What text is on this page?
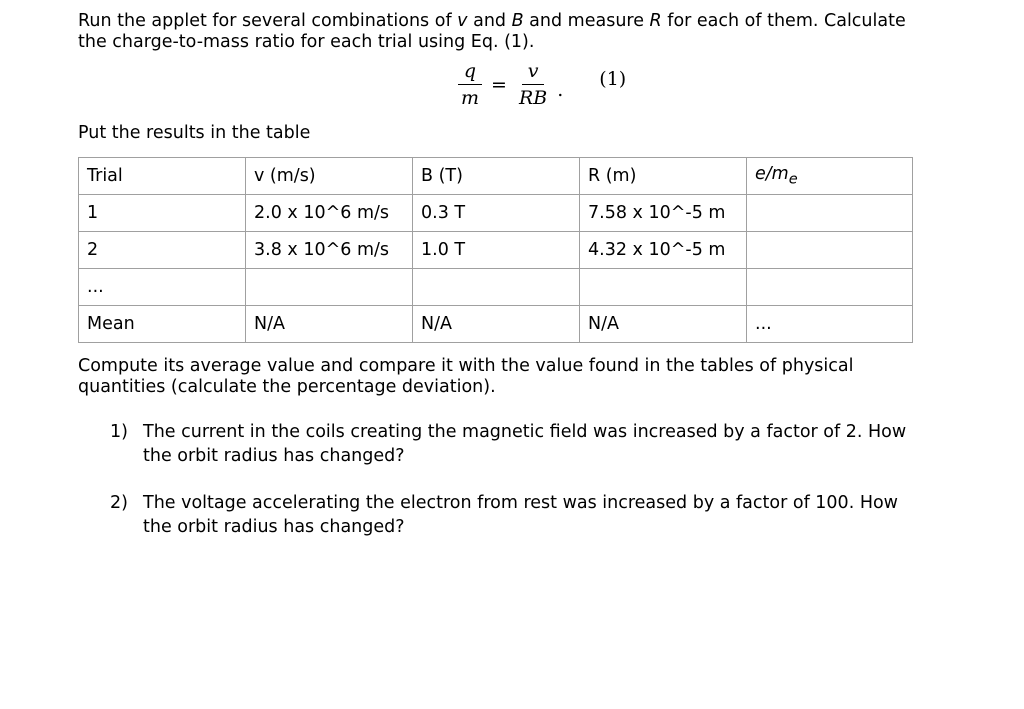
Run the applet for several combinations of v and B and measure R for each of them. Calculate the charge-to-mass ratio for each trial using Eq. (1).
$\frac{q}{m} = \frac{v}{RB}$ . (1)
Put the results in the table
Trial	v (m/s)	B (T)	R (m)	$e/m_e$
1	2.0 x 10^6 m/s	0.3 T	7.58 x 10^-5 m	
2	3.8 x 10^6 m/s	1.0 T	4.32 x 10^-5 m	
...				
Mean	N/A	N/A	N/A	...
Compute its average value and compare it with the value found in the tables of physical quantities (calculate the percentage deviation).
1) The current in the coils creating the magnetic field was increased by a factor of 2. How the orbit radius has changed?
2) The voltage accelerating the electron from rest was increased by a factor of 100. How the orbit radius has changed?
